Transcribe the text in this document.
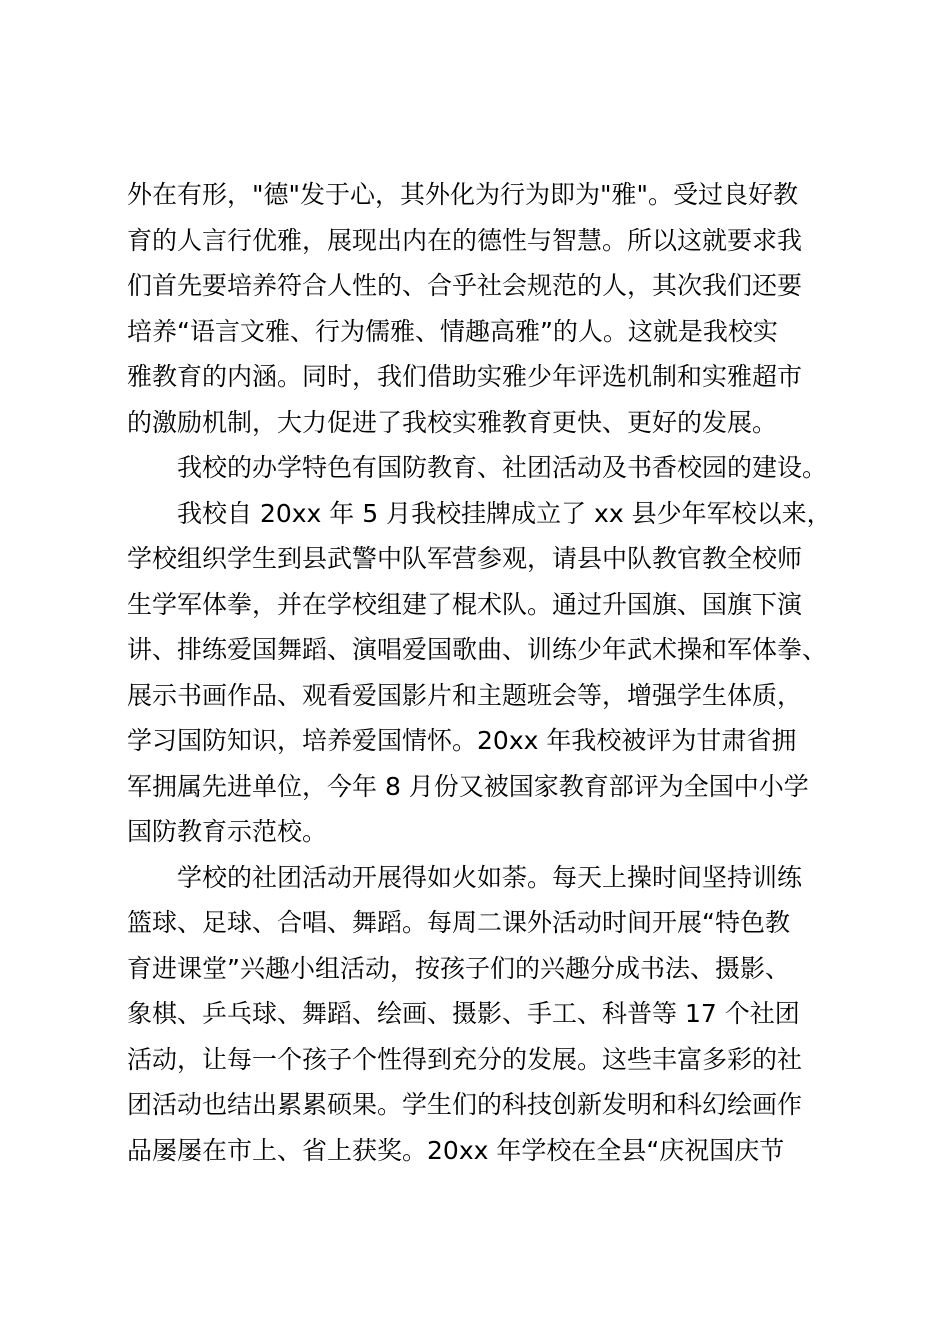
外在有形，"德"发于心，其外化为行为即为"雅"。受过良好教
育的人言行优雅，展现出内在的德性与智慧。所以这就要求我
们首先要培养符合人性的、合乎社会规范的人，其次我们还要
培养“语言文雅、行为儒雅、情趣高雅”的人。这就是我校实
雅教育的内涵。同时，我们借助实雅少年评选机制和实雅超市
的激励机制，大力促进了我校实雅教育更快、更好的发展。
我校的办学特色有国防教育、社团活动及书香校园的建设。
我校自 20xx 年 5 月我校挂牌成立了 xx 县少年军校以来，
学校组织学生到县武警中队军营参观，请县中队教官教全校师
生学军体拳，并在学校组建了棍术队。通过升国旗、国旗下演
讲、排练爱国舞蹈、演唱爱国歌曲、训练少年武术操和军体拳、
展示书画作品、观看爱国影片和主题班会等，增强学生体质，
学习国防知识，培养爱国情怀。20xx 年我校被评为甘肃省拥
军拥属先进单位，今年 8 月份又被国家教育部评为全国中小学
国防教育示范校。
学校的社团活动开展得如火如荼。每天上操时间坚持训练
篮球、足球、合唱、舞蹈。每周二课外活动时间开展“特色教
育进课堂”兴趣小组活动，按孩子们的兴趣分成书法、摄影、
象棋、乒乓球、舞蹈、绘画、摄影、手工、科普等 17 个社团
活动，让每一个孩子个性得到充分的发展。这些丰富多彩的社
团活动也结出累累硕果。学生们的科技创新发明和科幻绘画作
品屡屡在市上、省上获奖。20xx 年学校在全县“庆祝国庆节
